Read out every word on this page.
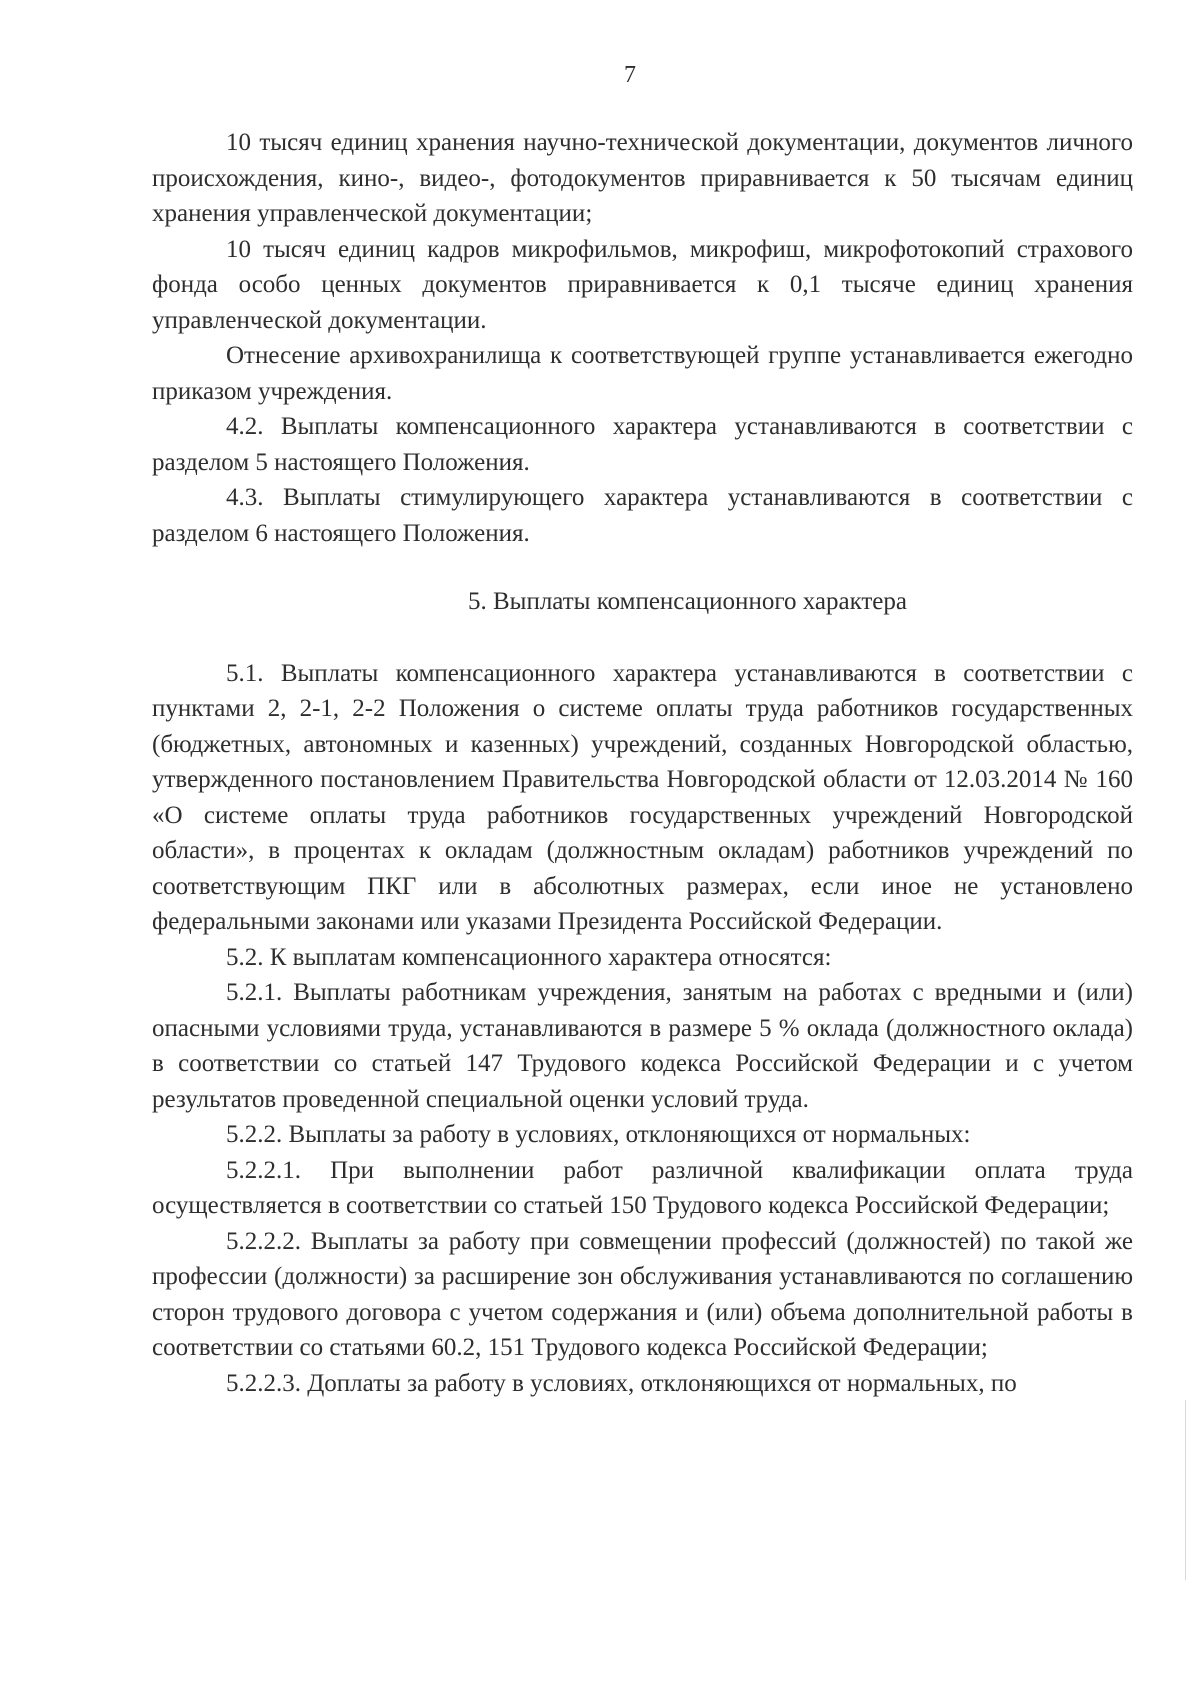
7

10 тысяч единиц хранения научно-технической документации, документов личного происхождения, кино-, видео-, фотодокументов приравнивается к 50 тысячам единиц хранения управленческой документации;

10 тысяч единиц кадров микрофильмов, микрофиш, микрофотокопий страхового фонда особо ценных документов приравнивается к 0,1 тысяче единиц хранения управленческой документации.

Отнесение архивохранилища к соответствующей группе устанавливается ежегодно приказом учреждения.

4.2. Выплаты компенсационного характера устанавливаются в соответствии с разделом 5 настоящего Положения.

4.3. Выплаты стимулирующего характера устанавливаются в соответствии с разделом 6 настоящего Положения.

5. Выплаты компенсационного характера

5.1. Выплаты компенсационного характера устанавливаются в соответствии с пунктами 2, 2-1, 2-2 Положения о системе оплаты труда работников государственных (бюджетных, автономных и казенных) учреждений, созданных Новгородской областью, утвержденного постановлением Правительства Новгородской области от 12.03.2014 № 160 «О системе оплаты труда работников государственных учреждений Новгородской области», в процентах к окладам (должностным окладам) работников учреждений по соответствующим ПКГ или в абсолютных размерах, если иное не установлено федеральными законами или указами Президента Российской Федерации.

5.2. К выплатам компенсационного характера относятся:

5.2.1. Выплаты работникам учреждения, занятым на работах с вредными и (или) опасными условиями труда, устанавливаются в размере 5 % оклада (должностного оклада) в соответствии со статьей 147 Трудового кодекса Российской Федерации и с учетом результатов проведенной специальной оценки условий труда.

5.2.2. Выплаты за работу в условиях, отклоняющихся от нормальных:

5.2.2.1. При выполнении работ различной квалификации оплата труда осуществляется в соответствии со статьей 150 Трудового кодекса Российской Федерации;

5.2.2.2. Выплаты за работу при совмещении профессий (должностей) по такой же профессии (должности) за расширение зон обслуживания устанавливаются по соглашению сторон трудового договора с учетом содержания и (или) объема дополнительной работы в соответствии со статьями 60.2, 151 Трудового кодекса Российской Федерации;

5.2.2.3. Доплаты за работу в условиях, отклоняющихся от нормальных, по
